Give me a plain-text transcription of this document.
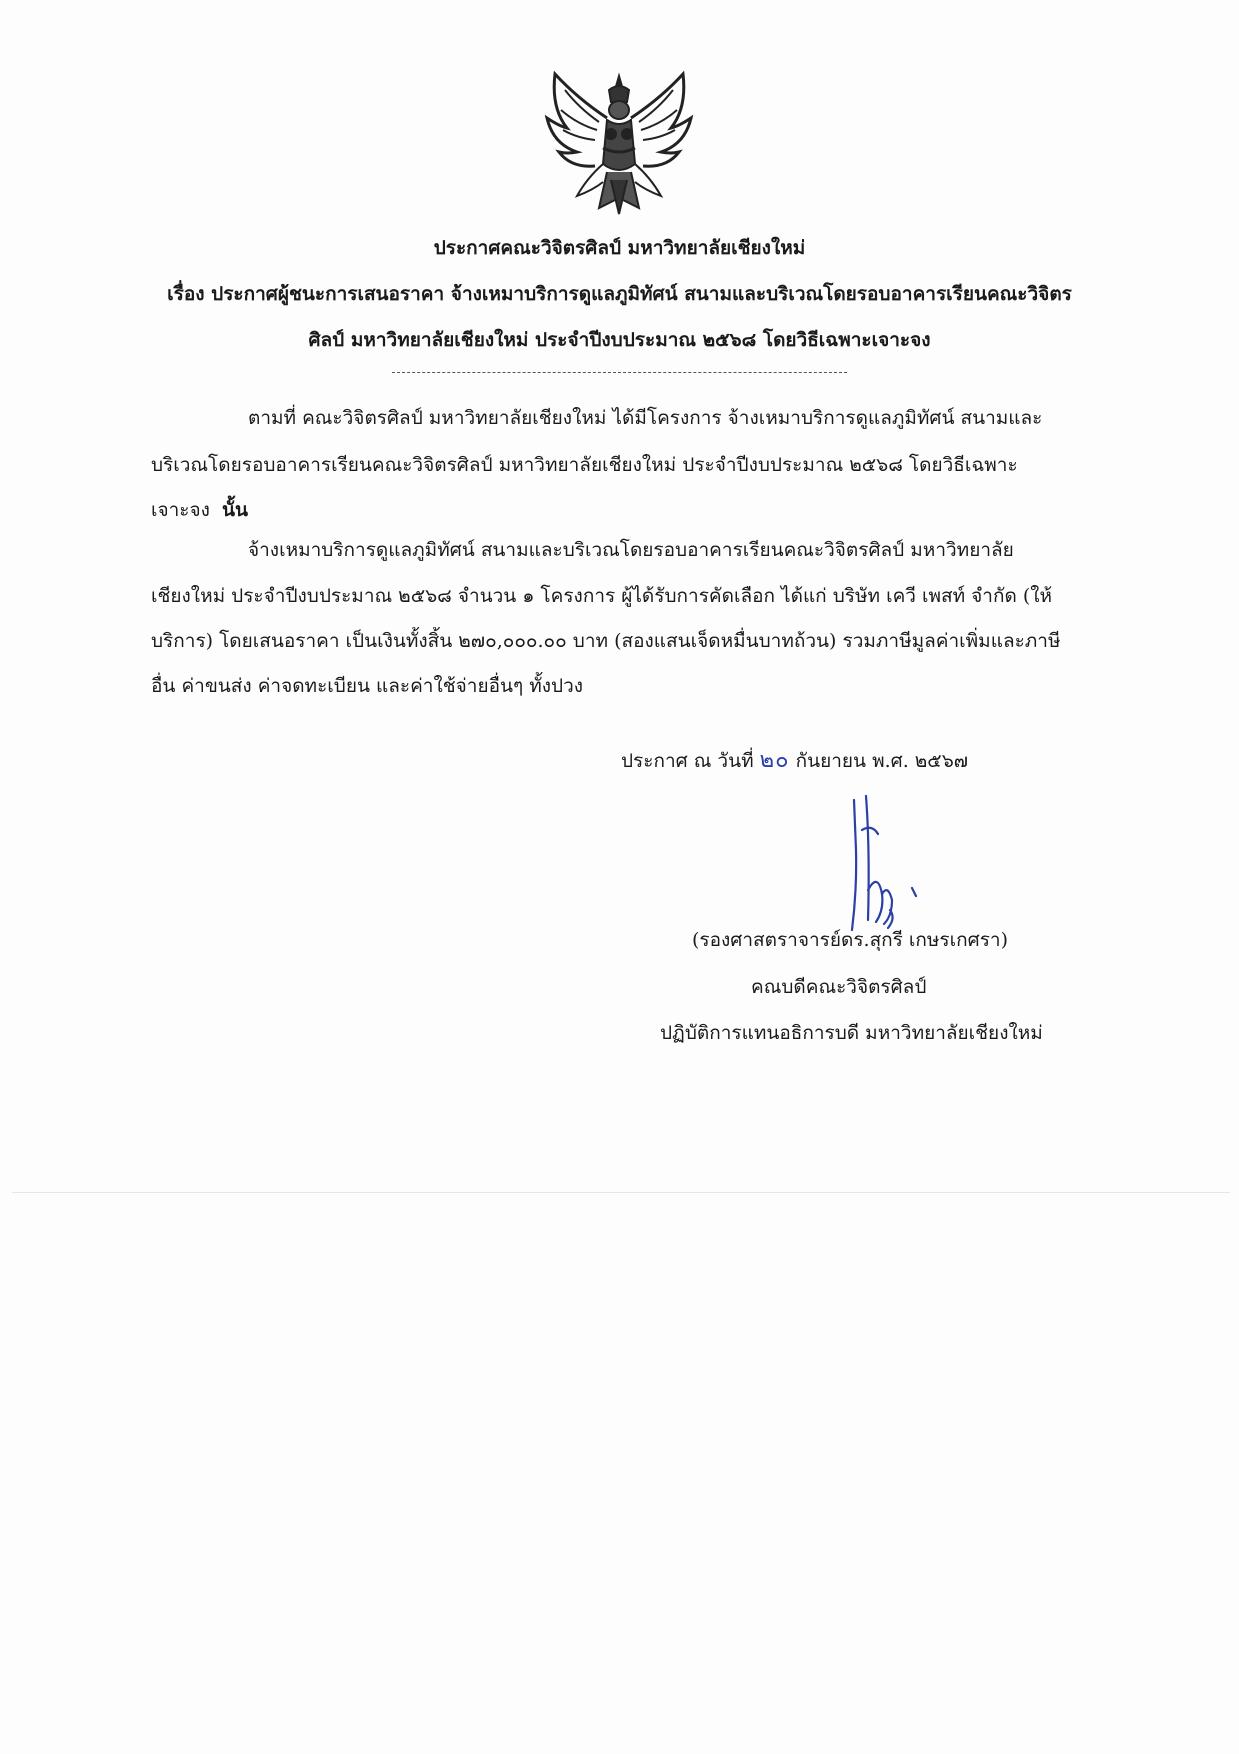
ประกาศคณะวิจิตรศิลป์ มหาวิทยาลัยเชียงใหม่
เรื่อง ประกาศผู้ชนะการเสนอราคา จ้างเหมาบริการดูแลภูมิทัศน์ สนามและบริเวณโดยรอบอาคารเรียนคณะวิจิตร
ศิลป์ มหาวิทยาลัยเชียงใหม่ ประจำปีงบประมาณ ๒๕๖๘ โดยวิธีเฉพาะเจาะจง
ตามที่ คณะวิจิตรศิลป์ มหาวิทยาลัยเชียงใหม่ ได้มีโครงการ จ้างเหมาบริการดูแลภูมิทัศน์ สนามและ
บริเวณโดยรอบอาคารเรียนคณะวิจิตรศิลป์ มหาวิทยาลัยเชียงใหม่ ประจำปีงบประมาณ ๒๕๖๘ โดยวิธีเฉพาะ
เจาะจง นั้น
จ้างเหมาบริการดูแลภูมิทัศน์ สนามและบริเวณโดยรอบอาคารเรียนคณะวิจิตรศิลป์ มหาวิทยาลัย
เชียงใหม่ ประจำปีงบประมาณ ๒๕๖๘ จำนวน ๑ โครงการ ผู้ได้รับการคัดเลือก ได้แก่ บริษัท เควี เพสท์ จำกัด (ให้
บริการ) โดยเสนอราคา เป็นเงินทั้งสิ้น ๒๗๐,๐๐๐.๐๐ บาท (สองแสนเจ็ดหมื่นบาทถ้วน) รวมภาษีมูลค่าเพิ่มและภาษี
อื่น ค่าขนส่ง ค่าจดทะเบียน และค่าใช้จ่ายอื่นๆ ทั้งปวง
ประกาศ ณ วันที่ ๒๐ กันยายน พ.ศ. ๒๕๖๗
(รองศาสตราจารย์ดร.สุกรี เกษรเกศรา)
คณบดีคณะวิจิตรศิลป์
ปฏิบัติการแทนอธิการบดี มหาวิทยาลัยเชียงใหม่
